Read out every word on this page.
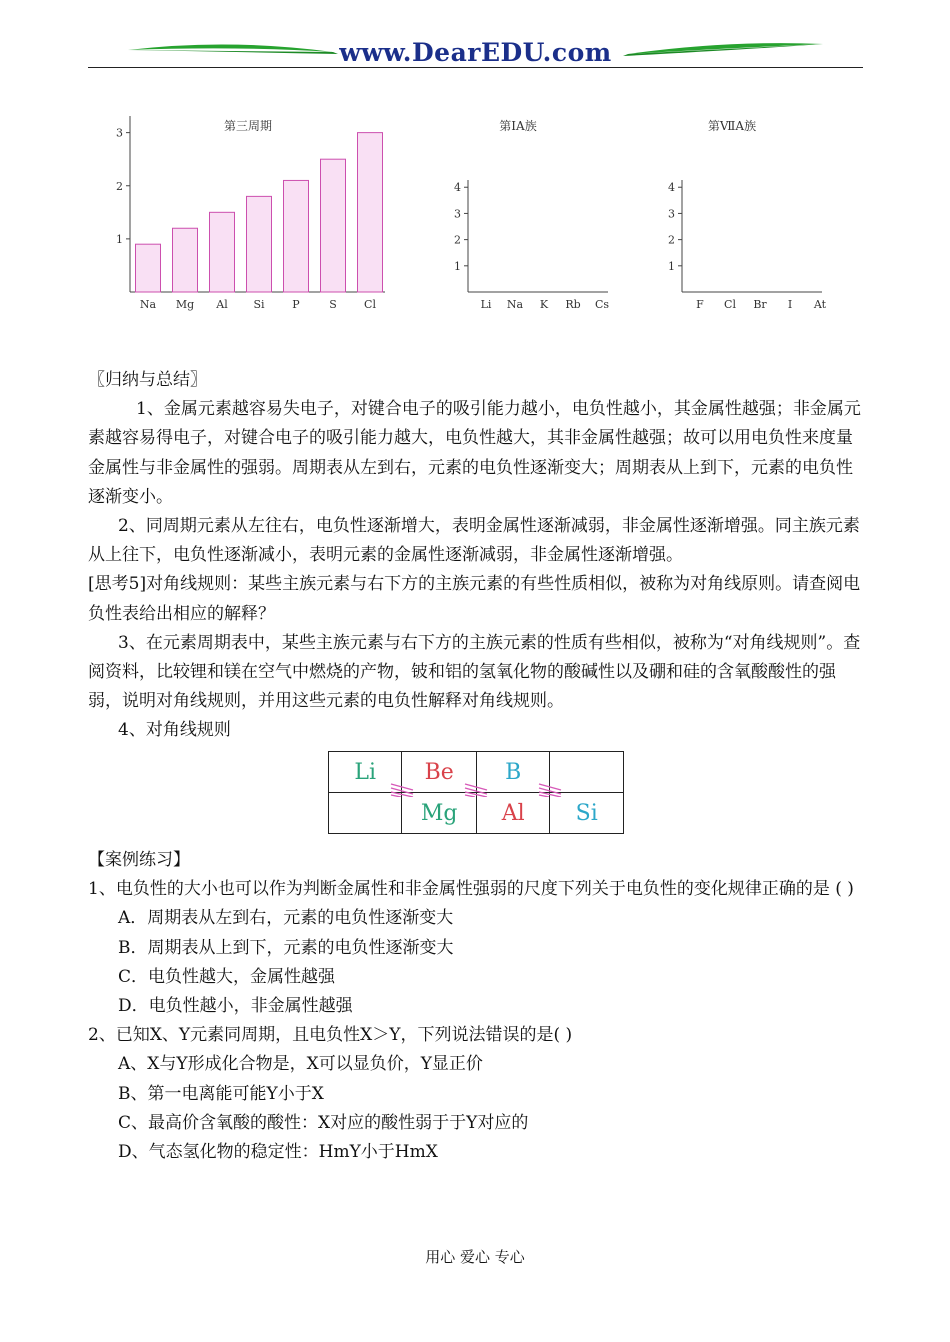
www.DearEDU.com
第三周期
1
2
3
Na Mg Al Si	P	S Cl
第ⅠA族
1
2
3
4
Li Na K Rb Cs
第ⅦA族
1
2
3
4
F Cl Br I At

〖归纳与总结〗

1、金属元素越容易失电子，对键合电子的吸引能力越小，电负性越小，其金属性越强；非金属元素越容易得电子，对键合电子的吸引能力越大，电负性越大，其非金属性越强；故可以用电负性来度量金属性与非金属性的强弱。周期表从左到右，元素的电负性逐渐变大；周期表从上到下，元素的电负性逐渐变小。

2、同周期元素从左往右，电负性逐渐增大，表明金属性逐渐减弱，非金属性逐渐增强。同主族元素从上往下，电负性逐渐减小，表明元素的金属性逐渐减弱，非金属性逐渐增强。

[思考5]对角线规则：某些主族元素与右下方的主族元素的有些性质相似，被称为对角线原则。请查阅电负性表给出相应的解释？

3、在元素周期表中，某些主族元素与右下方的主族元素的性质有些相似，被称为“对角线规则”。查阅资料，比较锂和镁在空气中燃烧的产物，铍和铝的氢氧化物的酸碱性以及硼和硅的含氧酸酸性的强弱，说明对角线规则，并用这些元素的电负性解释对角线规则。

4、对角线规则

Li	Be	B	
	Mg	Al	Si

【案例练习】

1、电负性的大小也可以作为判断金属性和非金属性强弱的尺度下列关于电负性的变化规律正确的是 ( )

A．周期表从左到右，元素的电负性逐渐变大

B．周期表从上到下，元素的电负性逐渐变大

C．电负性越大，金属性越强

D．电负性越小，非金属性越强

2、已知X、Y元素同周期，且电负性X＞Y，下列说法错误的是( )

A、X与Y形成化合物是，X可以显负价，Y显正价

B、第一电离能可能Y小于X

C、最高价含氧酸的酸性：X对应的酸性弱于于Y对应的

D、气态氢化物的稳定性：HmY小于HmX

用心 爱心 专心
